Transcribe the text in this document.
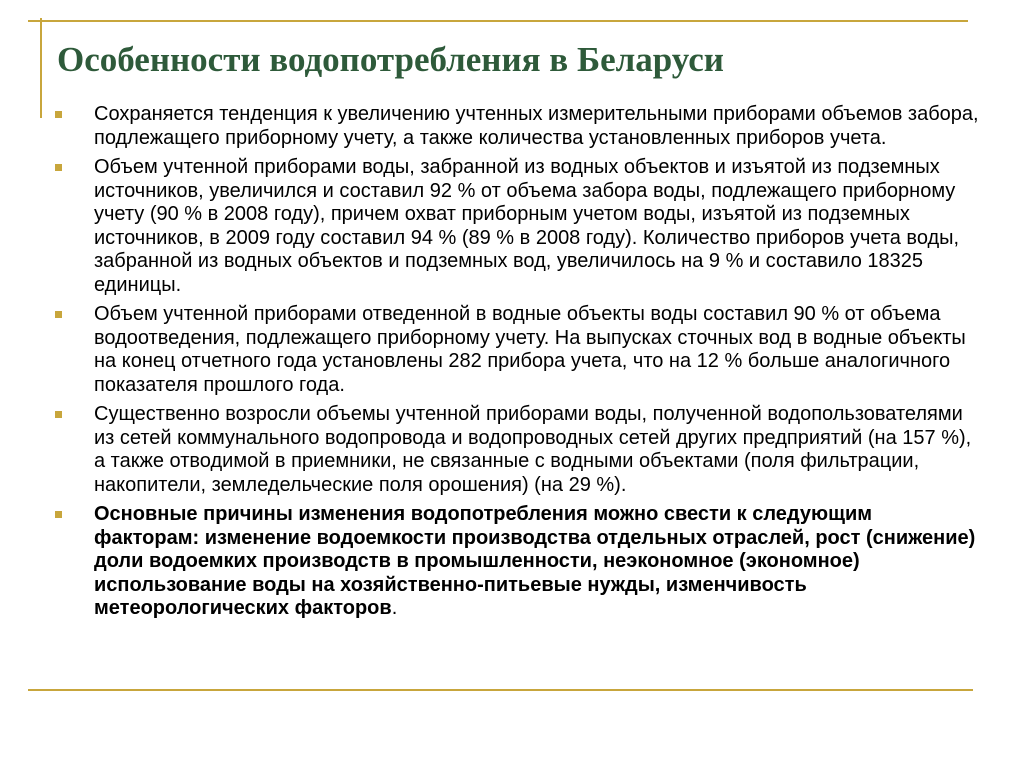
Особенности водопотребления в Беларуси
Сохраняется тенденция к увеличению учтенных измерительными приборами объемов забора, подлежащего приборному учету, а также количества установленных приборов учета.
Объем учтенной приборами воды, забранной из водных объектов и изъятой из подземных источников, увеличился и составил 92 % от объема забора воды, подлежащего приборному учету (90 % в 2008 году), причем охват приборным учетом воды, изъятой из подземных источников, в 2009 году составил 94 % (89 % в 2008 году). Количество приборов учета воды, забранной из водных объектов и подземных вод, увеличилось на 9 % и составило 18325 единицы.
Объем учтенной приборами отведенной в водные объекты воды составил 90 % от объема водоотведения, подлежащего приборному учету. На выпусках сточных вод в водные объекты на конец отчетного года установлены 282 прибора учета, что на 12 % больше аналогичного показателя прошлого года.
Существенно возросли объемы учтенной приборами воды, полученной водопользователями из сетей коммунального водопровода и водопроводных сетей других предприятий (на 157 %), а также отводимой в приемники, не связанные с водными объектами (поля фильтрации, накопители, земледельческие поля орошения) (на 29 %).
Основные причины изменения водопотребления можно свести к следующим факторам: изменение водоемкости производства отдельных отраслей, рост (снижение) доли водоемких производств в промышленности, неэкономное (экономное) использование воды на хозяйственно-питьевые нужды, изменчивость метеорологических факторов.
